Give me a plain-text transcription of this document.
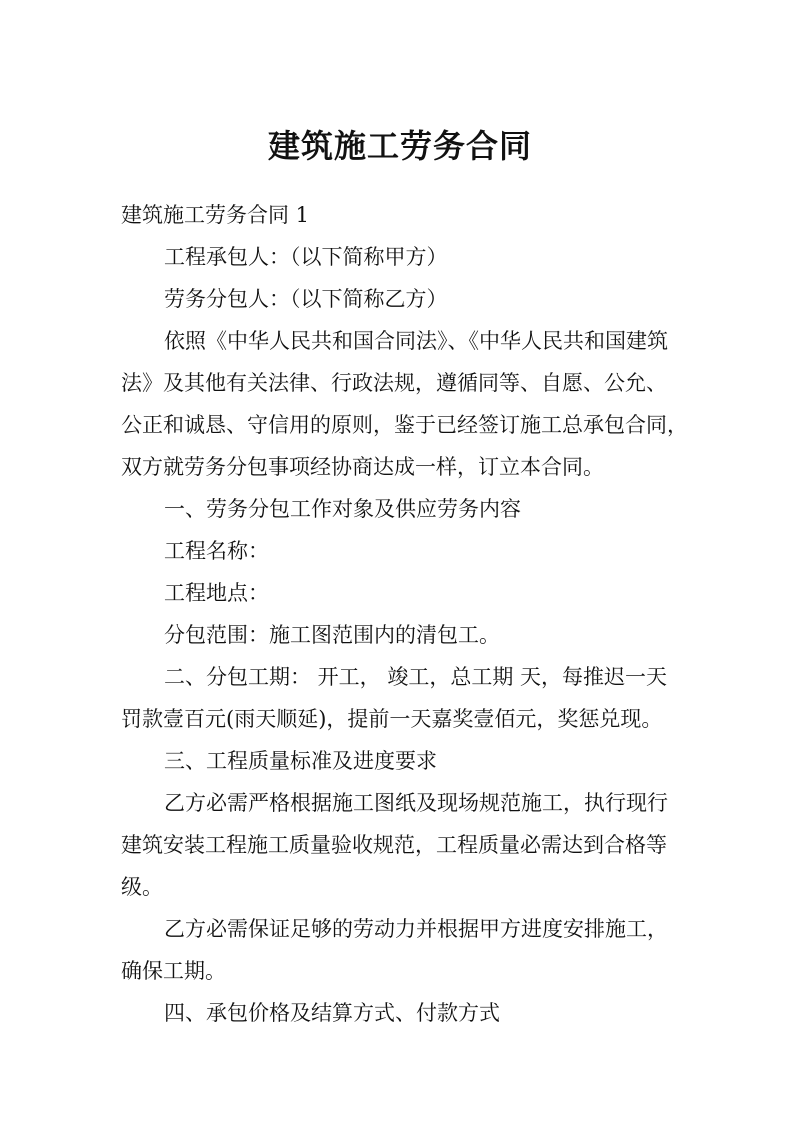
建筑施工劳务合同
建筑施工劳务合同 1
工程承包人：（以下简称甲方）
劳务分包人：（以下简称乙方）
依照《中华人民共和国合同法》、《中华人民共和国建筑
法》及其他有关法律、行政法规，遵循同等、自愿、公允、
公正和诚恳、守信用的原则，鉴于已经签订施工总承包合同，
双方就劳务分包事项经协商达成一样，订立本合同。
一、劳务分包工作对象及供应劳务内容
工程名称：
工程地点：
分包范围：施工图范围内的清包工。
二、分包工期： 开工， 竣工，总工期 天，每推迟一天
罚款壹百元(雨天顺延)，提前一天嘉奖壹佰元，奖惩兑现。
三、工程质量标准及进度要求
乙方必需严格根据施工图纸及现场规范施工，执行现行
建筑安装工程施工质量验收规范，工程质量必需达到合格等
级。
乙方必需保证足够的劳动力并根据甲方进度安排施工，
确保工期。
四、承包价格及结算方式、付款方式
